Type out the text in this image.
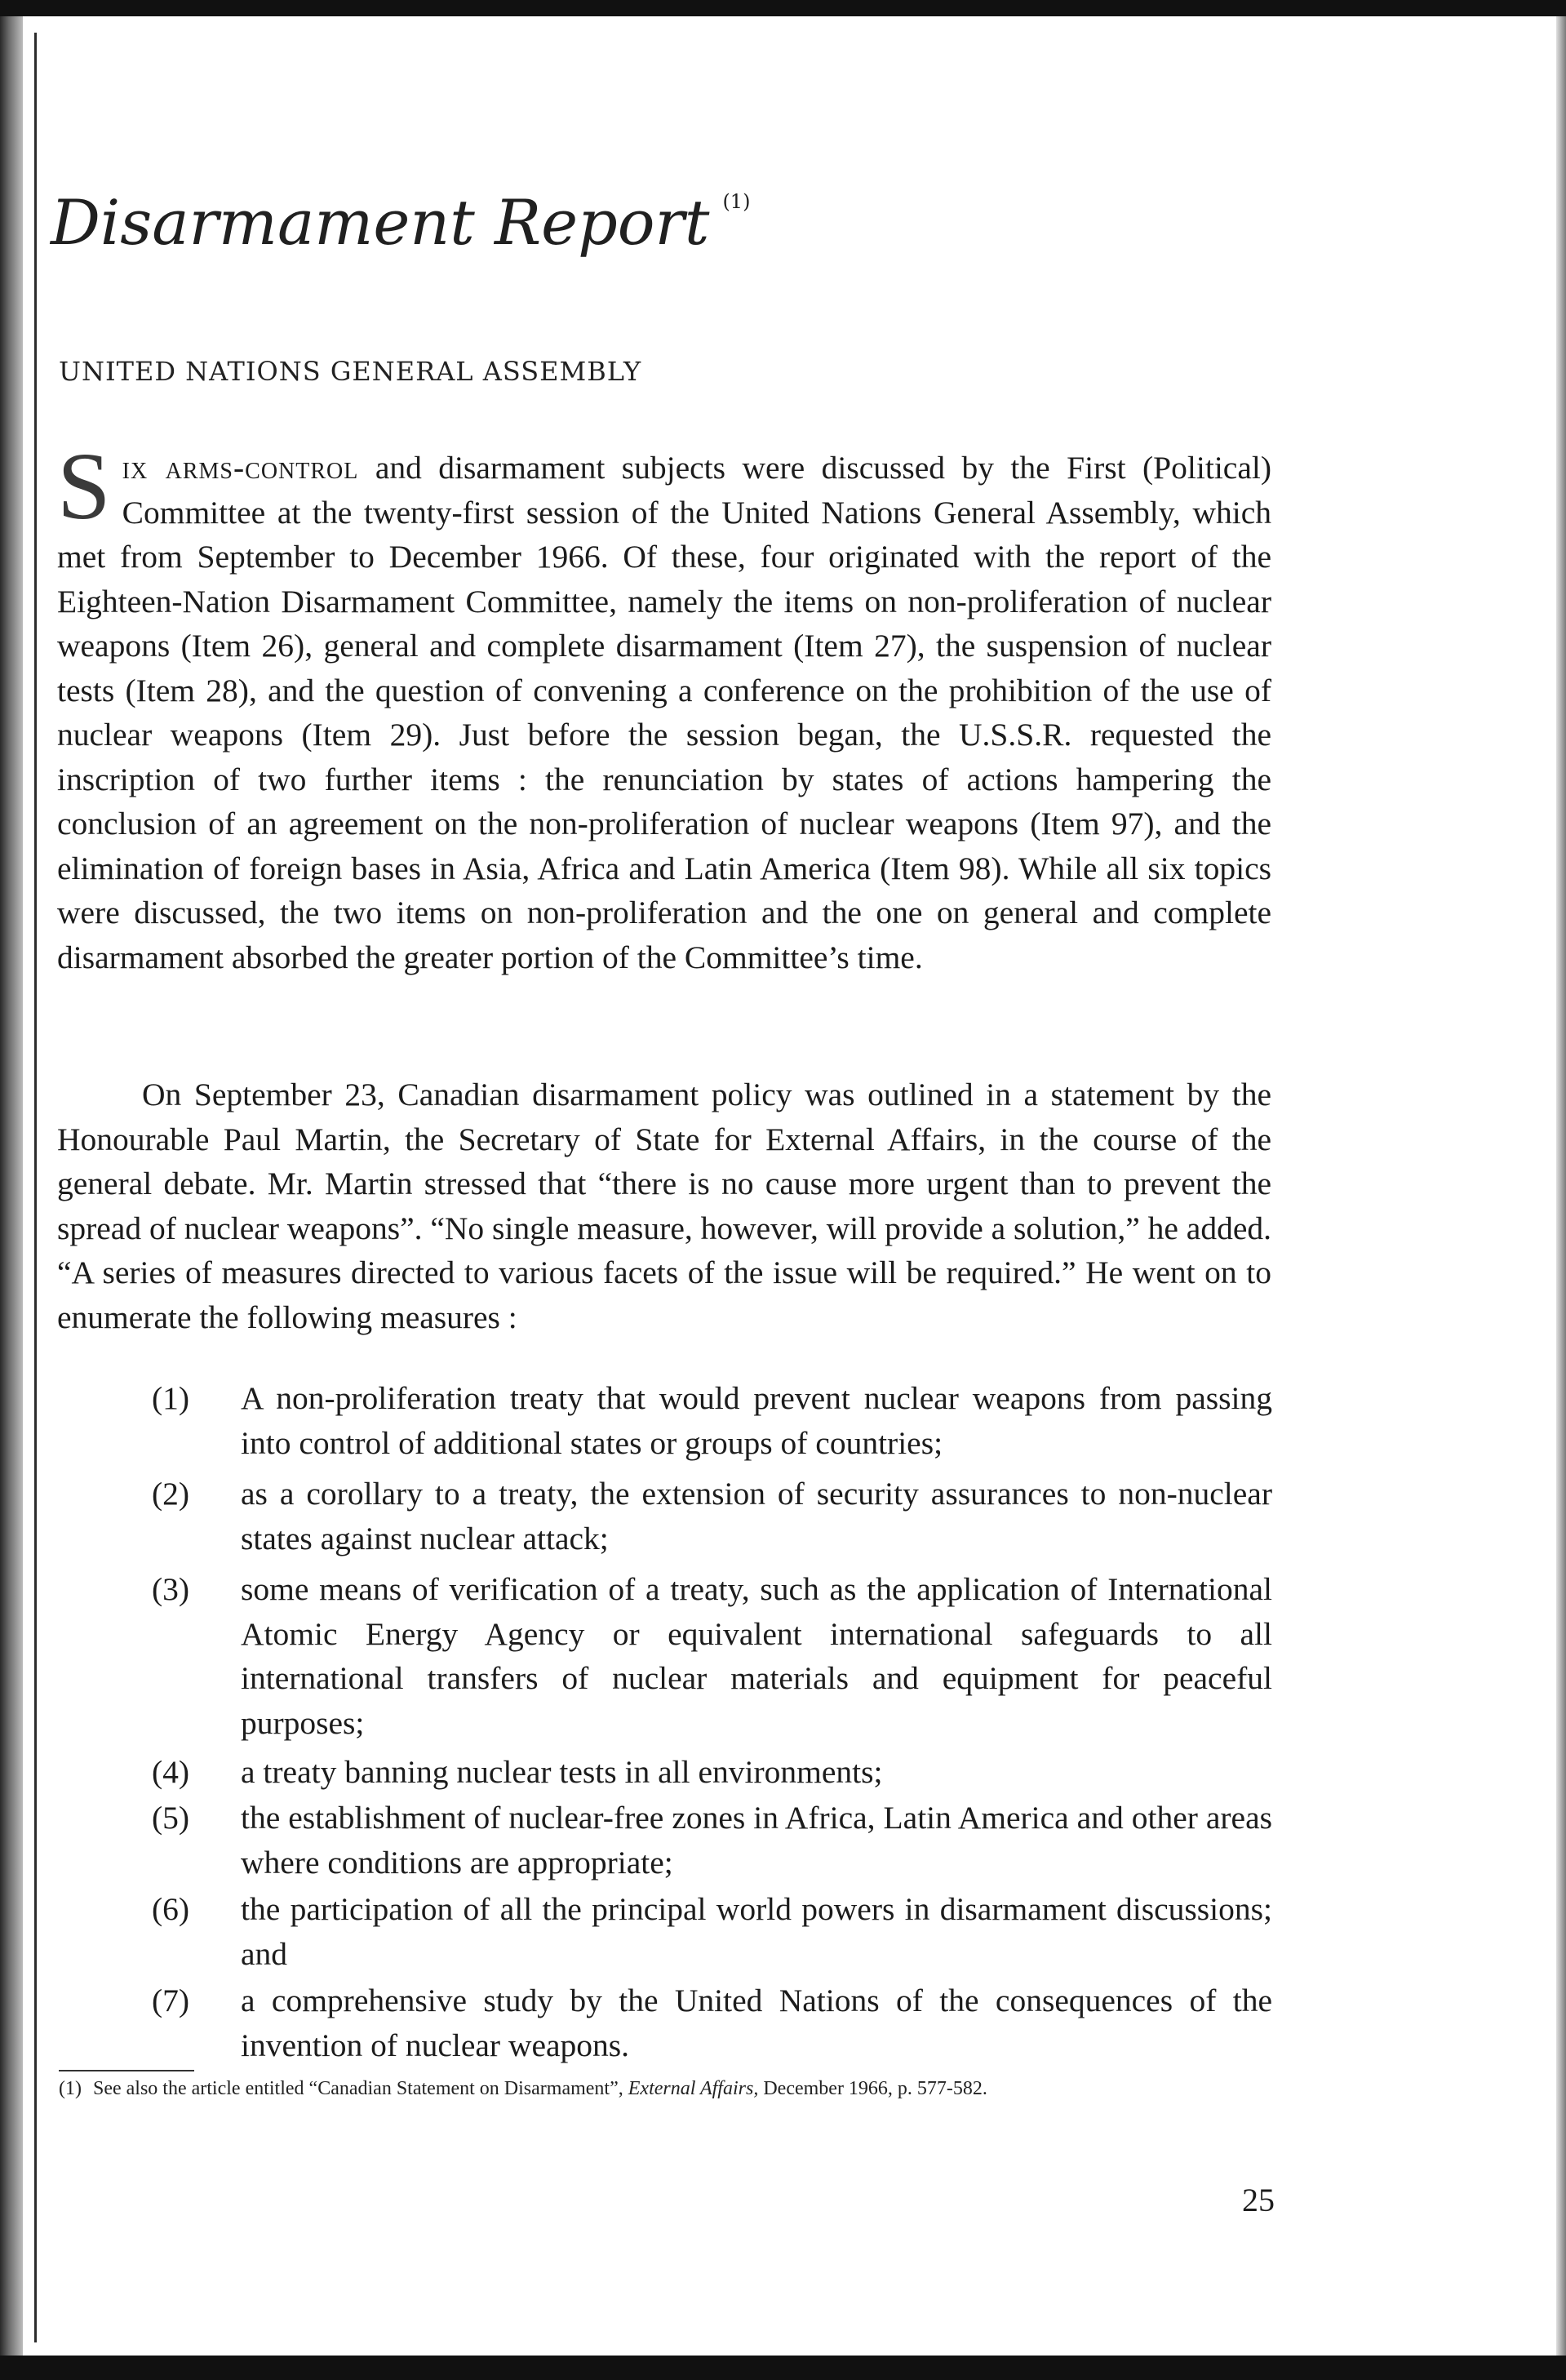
Disarmament Report $^{(1)}$
UNITED NATIONS GENERAL ASSEMBLY

Six arms-control and disarmament subjects were discussed by the First (Political) Committee at the twenty-first session of the United Nations General Assembly, which met from September to December 1966. Of these, four originated with the report of the Eighteen-Nation Disarmament Committee, namely the items on non-proliferation of nuclear weapons (Item 26), general and complete disarmament (Item 27), the suspension of nuclear tests (Item 28), and the question of convening a conference on the prohibition of the use of nuclear weapons (Item 29). Just before the session began, the U.S.S.R. requested the inscription of two further items : the renunciation by states of actions hampering the conclusion of an agreement on the non-proliferation of nuclear weapons (Item 97), and the elimination of foreign bases in Asia, Africa and Latin America (Item 98). While all six topics were discussed, the two items on non-proliferation and the one on general and complete disarmament absorbed the greater portion of the Committee’s time.

On September 23, Canadian disarmament policy was outlined in a statement by the Honourable Paul Martin, the Secretary of State for External Affairs, in the course of the general debate. Mr. Martin stressed that “there is no cause more urgent than to prevent the spread of nuclear weapons”. “No single measure, however, will provide a solution,” he added. “A series of measures directed to various facets of the issue will be required.” He went on to enumerate the following measures :

(1)	A non-proliferation treaty that would prevent nuclear weapons from passing into control of additional states or groups of countries;
(2)	as a corollary to a treaty, the extension of security assurances to non-nuclear states against nuclear attack;
(3)	some means of verification of a treaty, such as the application of International Atomic Energy Agency or equivalent international safeguards to all international transfers of nuclear materials and equipment for peaceful purposes;
(4)	a treaty banning nuclear tests in all environments;
(5)	the establishment of nuclear-free zones in Africa, Latin America and other areas where conditions are appropriate;
(6)	the participation of all the principal world powers in disarmament discussions; and
(7)	a comprehensive study by the United Nations of the consequences of the invention of nuclear weapons.

(1) See also the article entitled “Canadian Statement on Disarmament”, External Affairs, December 1966, p. 577-582.

25
